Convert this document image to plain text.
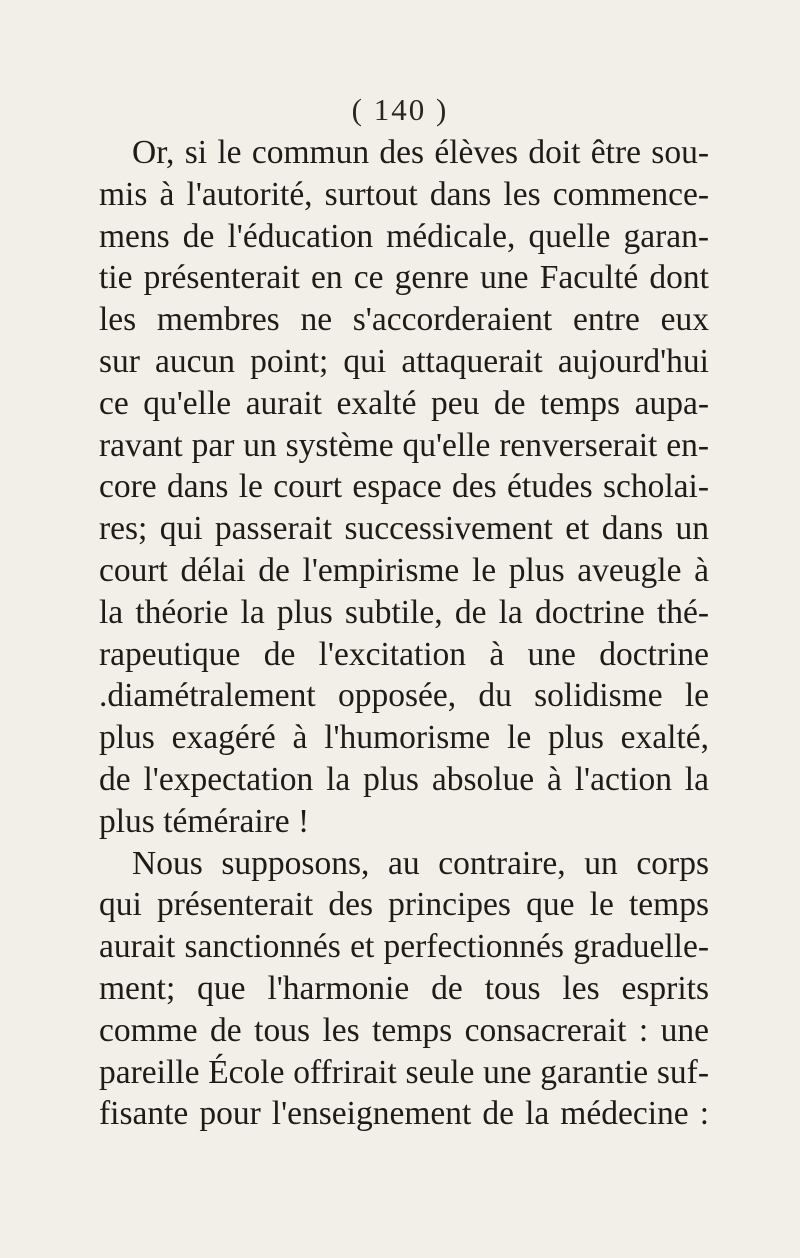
( 140 )
Or, si le commun des élèves doit être sou-
mis à l'autorité, surtout dans les commence-
mens de l'éducation médicale, quelle garan-
tie présenterait en ce genre une Faculté dont
les membres ne s'accorderaient entre eux
sur aucun point; qui attaquerait aujourd'hui
ce qu'elle aurait exalté peu de temps aupa-
ravant par un système qu'elle renverserait en-
core dans le court espace des études scholai-
res; qui passerait successivement et dans un
court délai de l'empirisme le plus aveugle à
la théorie la plus subtile, de la doctrine thé-
rapeutique de l'excitation à une doctrine
.diamétralement opposée, du solidisme le
plus exagéré à l'humorisme le plus exalté,
de l'expectation la plus absolue à l'action la
plus téméraire !
Nous supposons, au contraire, un corps
qui présenterait des principes que le temps
aurait sanctionnés et perfectionnés graduelle-
ment; que l'harmonie de tous les esprits
comme de tous les temps consacrerait : une
pareille École offrirait seule une garantie suf-
fisante pour l'enseignement de la médecine :
